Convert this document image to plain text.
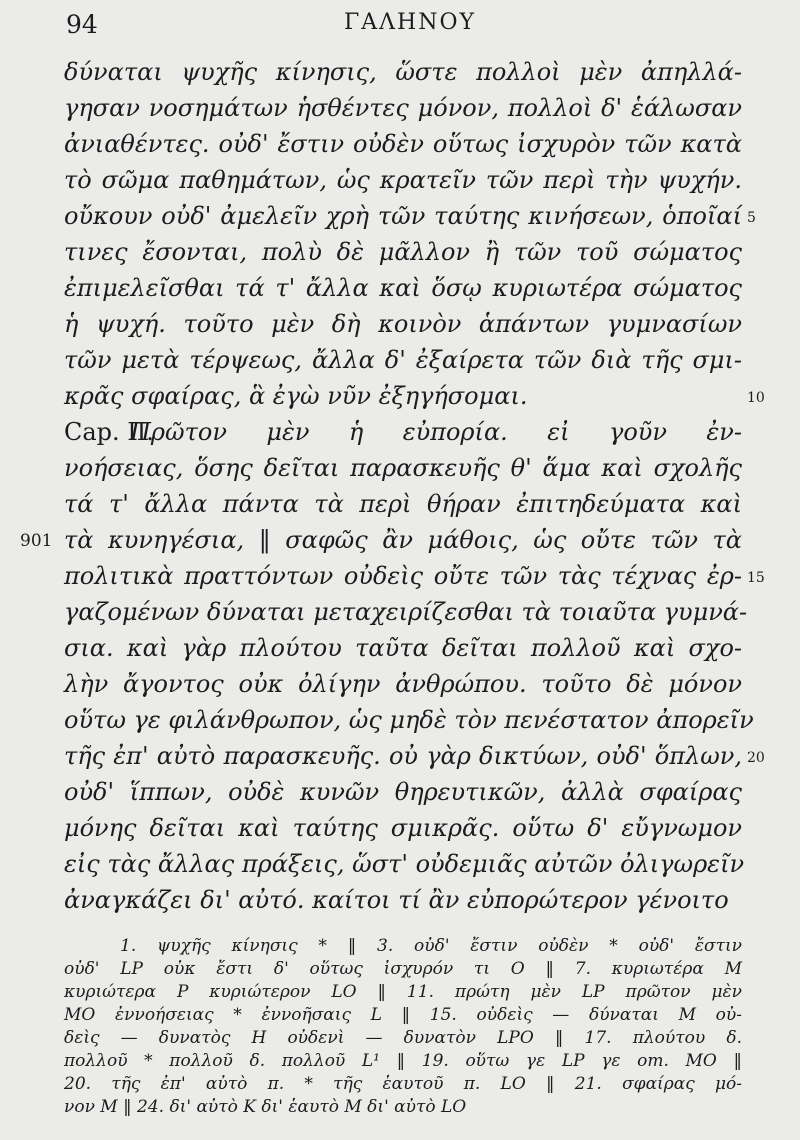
94	ΓΑΛΗΝΟΥ
δύναται ψυχῆς κίνησις, ὥστε πολλοὶ μὲν ἀπηλλά-
γησαν νοσημάτων ἡσθέντες μόνον, πολλοὶ δ' ἑάλωσαν
ἀνιαθέντες. οὐδ' ἔστιν οὐδὲν οὕτως ἰσχυρὸν τῶν κατὰ
τὸ σῶμα παθημάτων, ὡς κρατεῖν τῶν περὶ τὴν ψυχήν.
οὔκουν οὐδ' ἀμελεῖν χρὴ τῶν ταύτης κινήσεων, ὁποῖαί
τινες ἔσονται, πολὺ δὲ μᾶλλον ἢ τῶν τοῦ σώματος
ἐπιμελεῖσθαι τά τ' ἄλλα καὶ ὅσῳ κυριωτέρα σώματος
ἡ ψυχή. τοῦτο μὲν δὴ κοινὸν ἁπάντων γυμνασίων
τῶν μετὰ τέρψεως, ἄλλα δ' ἐξαίρετα τῶν διὰ τῆς σμι-
κρᾶς σφαίρας, ἃ ἐγὼ νῦν ἐξηγήσομαι.
Πρῶτον μὲν ἡ εὐπορία. εἰ γοῦν ἐν-
Cap. II.
νοήσειας, ὅσης δεῖται παρασκευῆς θ' ἅμα καὶ σχολῆς
τά τ' ἄλλα πάντα τὰ περὶ θήραν ἐπιτηδεύματα καὶ
τὰ κυνηγέσια, ‖ σαφῶς ἂν μάθοις, ὡς οὔτε τῶν τὰ
πολιτικὰ πραττόντων οὐδεὶς οὔτε τῶν τὰς τέχνας ἐρ-
γαζομένων δύναται μεταχειρίζεσθαι τὰ τοιαῦτα γυμνά-
σια. καὶ γὰρ πλούτου ταῦτα δεῖται πολλοῦ καὶ σχο-
λὴν ἄγοντος οὐκ ὀλίγην ἀνθρώπου. τοῦτο δὲ μόνον
οὕτω γε φιλάνθρωπον, ὡς μηδὲ τὸν πενέστατον ἀπορεῖν
τῆς ἐπ' αὐτὸ παρασκευῆς. οὐ γὰρ δικτύων, οὐδ' ὅπλων,
οὐδ' ἵππων, οὐδὲ κυνῶν θηρευτικῶν, ἀλλὰ σφαίρας
μόνης δεῖται καὶ ταύτης σμικρᾶς. οὕτω δ' εὔγνωμον
εἰς τὰς ἄλλας πράξεις, ὥστ' οὐδεμιᾶς αὐτῶν ὀλιγωρεῖν
ἀναγκάζει δι' αὐτό. καίτοι τί ἂν εὐπορώτερον γένοιτο
5
10
15
20
901
1. ψυχῆς κίνησις * ‖ 3. οὐδ' ἔστιν οὐδὲν * οὐδ' ἔστιν
οὐδ' LP οὐκ ἔστι δ' οὕτως ἰσχυρόν τι O ‖ 7. κυριωτέρα M
κυριώτερα P κυριώτερον LO ‖ 11. πρώτη μὲν LP πρῶτον μὲν
MO ἐννοήσειας * ἐννοῆσαις L ‖ 15. οὐδεὶς — δύναται M οὐ-
δεὶς — δυνατὸς H οὐδενὶ — δυνατὸν LPO ‖ 17. πλούτου δ.
πολλοῦ * πολλοῦ δ. πολλοῦ L¹ ‖ 19. οὕτω γε LP γε om. MO ‖
20. τῆς ἐπ' αὐτὸ π. * τῆς ἑαυτοῦ π. LO ‖ 21. σφαίρας μό-
νον M ‖ 24. δι' αὐτὸ K δι' ἑαυτὸ M δι' αὐτὸ LO
